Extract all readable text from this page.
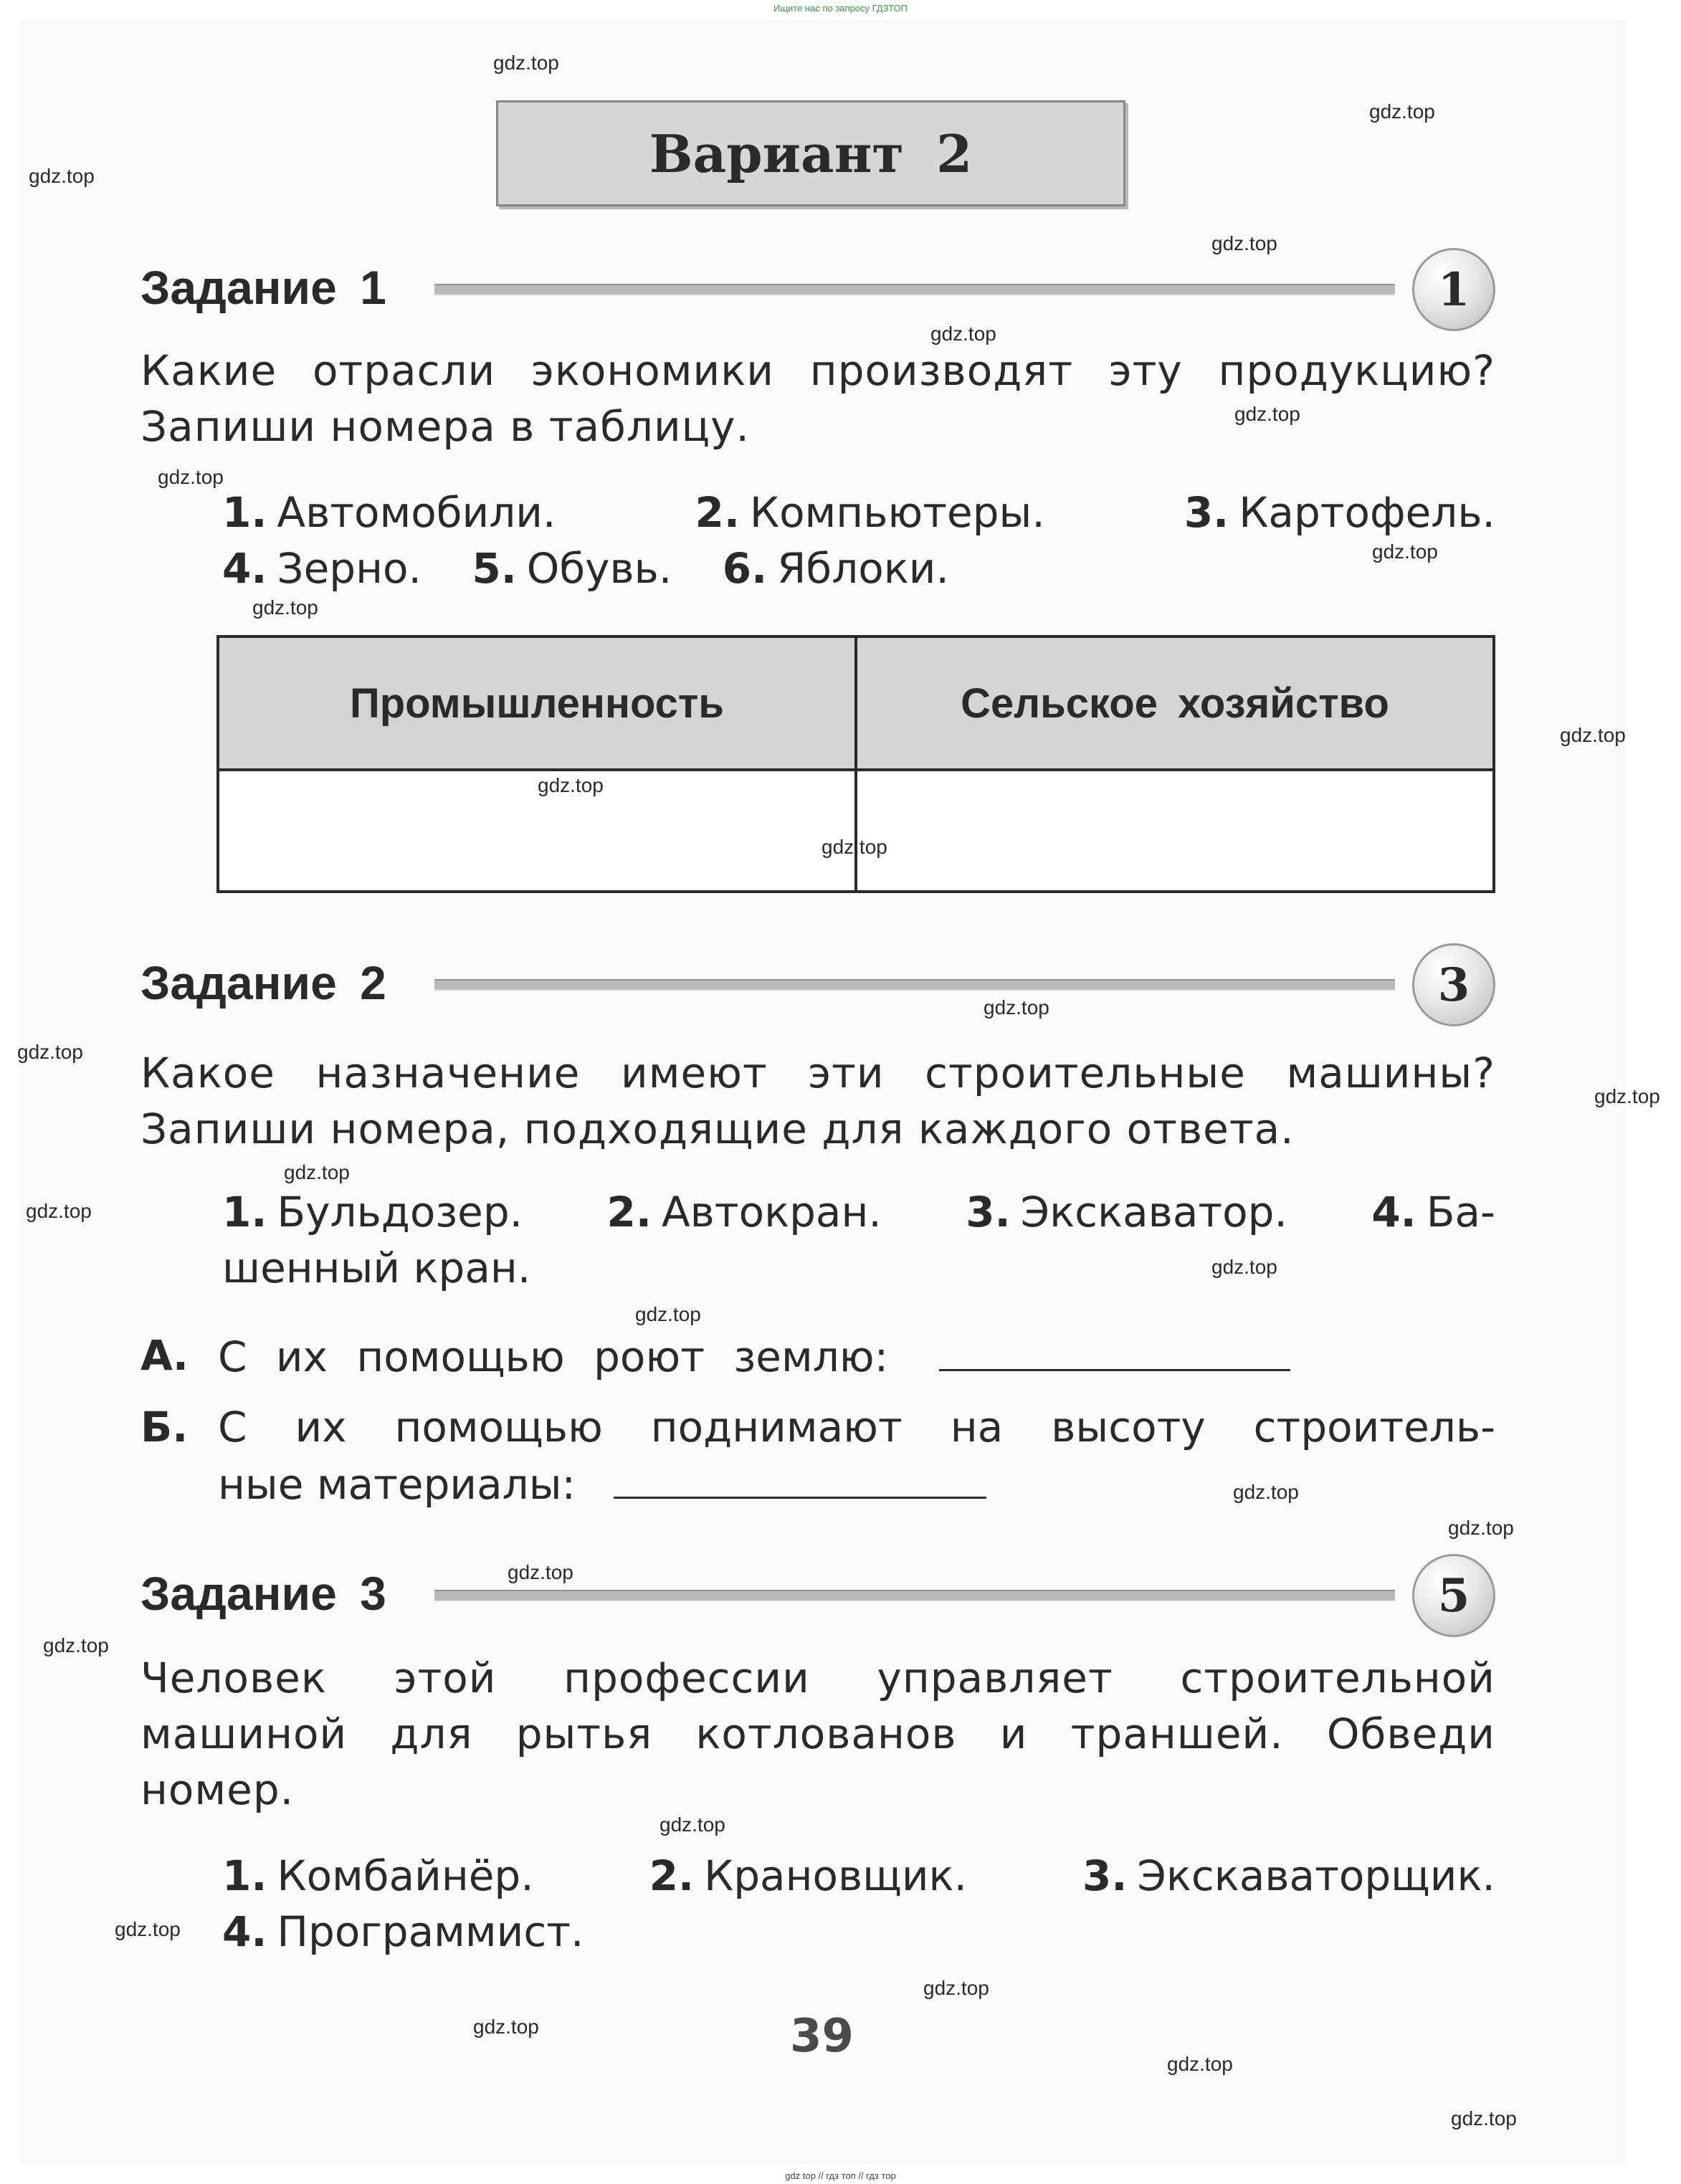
Ищите нас по запросу ГДЗТОП
Вариант 2
Задание 1	1
Какие отрасли экономики производят эту продукцию?
Запиши номера в таблицу.
1. Автомобили.	2. Компьютеры.	3. Картофель.
4. Зерно. 5. Обувь. 6. Яблоки.
Промышленность	Сельское хозяйство

Задание 2	3
Какое назначение имеют эти строительные машины?
Запиши номера, подходящие для каждого ответа.
1. Бульдозер. 2. Автокран. 3. Экскаватор. 4. Ба-
шенный кран.
А. С их помощью роют землю:
Б. С их помощью поднимают на высоту строитель-
ные материалы:
Задание 3	5
Человек этой профессии управляет строительной
машиной для рытья котлованов и траншей. Обведи
номер.
1. Комбайнёр.	2. Крановщик.	3. Экскаваторщик.
4. Программист.
39
gdz.top
gdz.top
gdz.top
gdz.top
gdz.top
gdz.top
gdz.top
gdz.top
gdz.top
gdz.top
gdz.top
gdz.top
gdz.top
gdz.top
gdz.top
gdz.top
gdz.top
gdz.top
gdz.top
gdz.top
gdz.top
gdz.top
gdz.top
gdz.top
gdz.top
gdz.top
gdz.top
gdz.top
gdz.top
gdz top // гдз топ // гдз тор
